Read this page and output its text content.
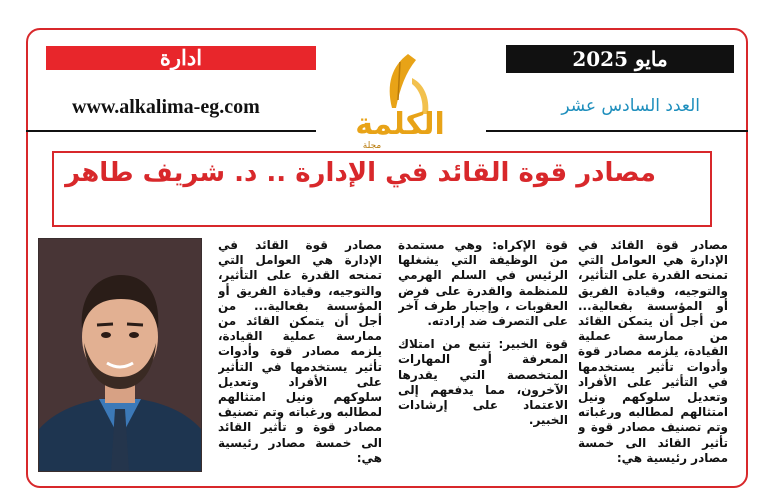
ادارة	مايو 2025
www.alkalima-eg.com	العدد السادس عشر
الكلمة
مجلة
مصادر قوة القائد في الإدارة .. د. شريف طاهر

مصادر قوة القائد في الإدارة هي العوامل التي تمنحه القدرة على التأثير، والتوجيه، وقيادة الفريق أو المؤسسة بفعالية... من أجل أن يتمكن القائد من ممارسة عملية القيادة، يلزمه مصادر قوة وأدوات تأثير يستخدمها في التأثير على الأفراد وتعديل سلوكهم ونيل امتثالهم لمطالبه ورغباته وتم تصنيف مصادر قوة و تأثير القائد الى خمسة مصادر رئيسية هي:

قوة الإكراه: وهي مستمدة من الوظيفة التي يشغلها الرئيس في السلم الهرمي للمنظمة والقدرة على فرض العقوبات ، وإجبار طرف آخر على التصرف ضد إرادته.

قوة الخبير: تنبع من امتلاك المعرفة أو المهارات المتخصصة التي يقدرها الآخرون، مما يدفعهم إلى الاعتماد على إرشادات الخبير.

مصادر قوة القائد في الإدارة هي العوامل التي تمنحه القدرة على التأثير، والتوجيه، وقيادة الفريق أو المؤسسة بفعالية... من أجل أن يتمكن القائد من ممارسة عملية القيادة، يلزمه مصادر قوة وأدوات تأثير يستخدمها في التأثير على الأفراد وتعديل سلوكهم ونيل امتثالهم لمطالبه ورغباته وتم تصنيف مصادر قوة و تأثير القائد الى خمسة مصادر رئيسية هي:
